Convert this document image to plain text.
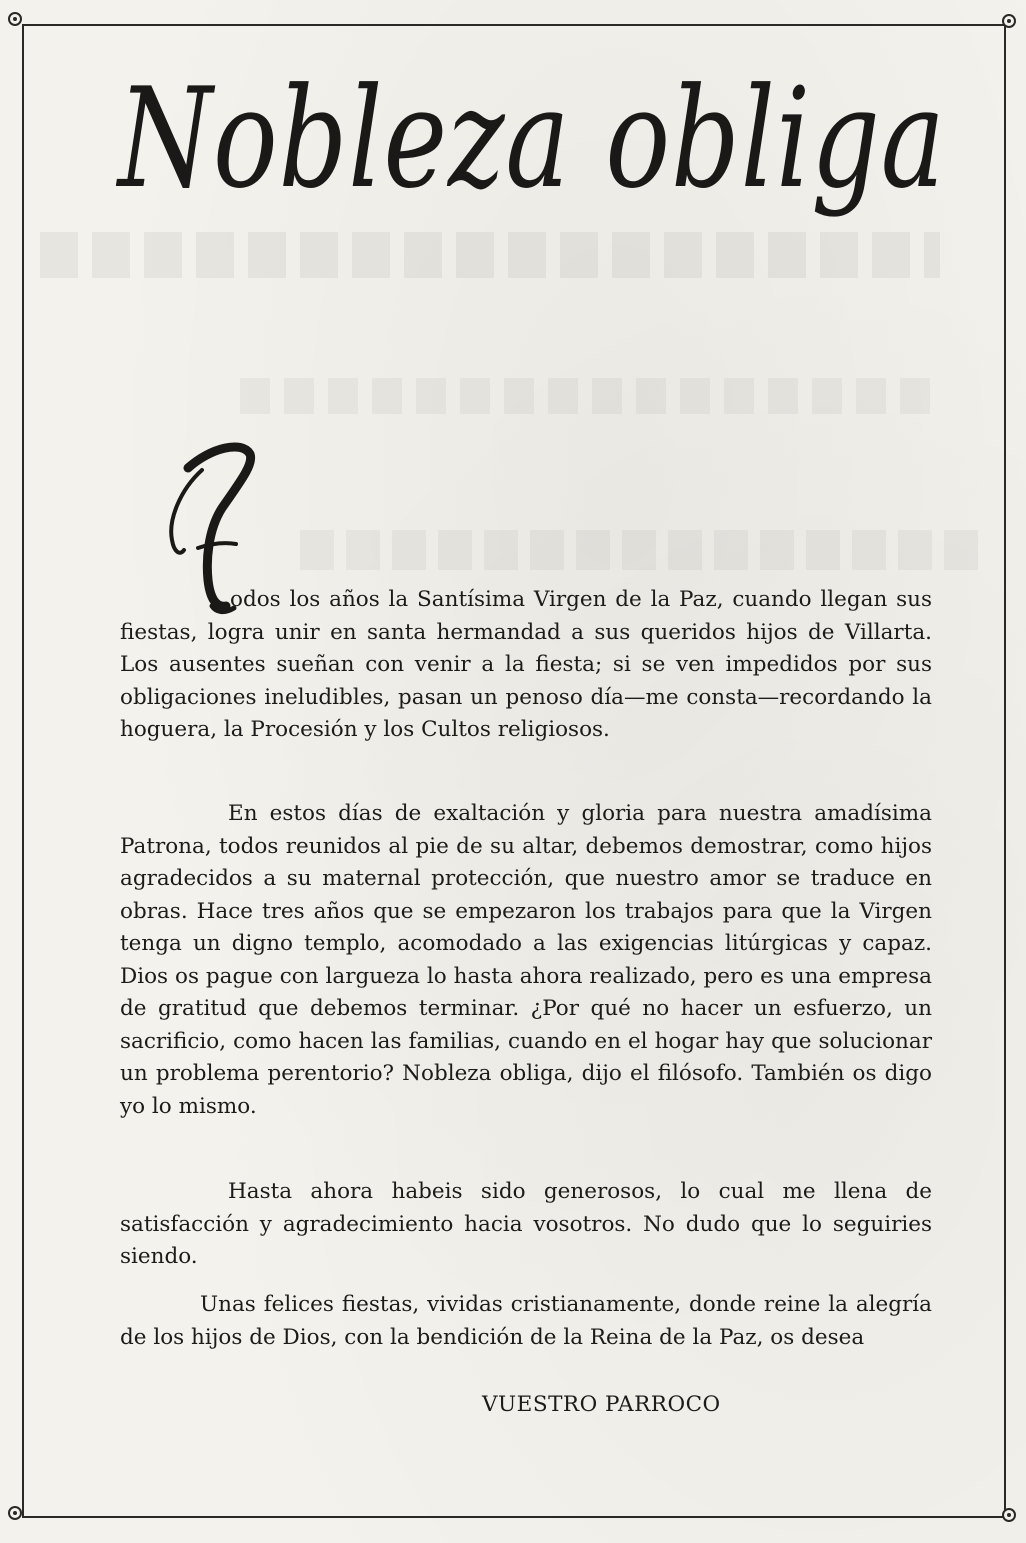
Nobleza obliga
odos los años la Santísima Virgen de la Paz, cuando llegan sus fiestas, logra unir en santa hermandad a sus queridos hijos de Villarta. Los ausentes sueñan con venir a la fiesta; si se ven impedidos por sus obligaciones ineludibles, pasan un penoso día—me consta—recordando la hoguera, la Procesión y los Cultos religiosos.
En estos días de exaltación y gloria para nuestra amadísima Patrona, todos reunidos al pie de su altar, debemos demostrar, como hijos agradecidos a su maternal protección, que nuestro amor se traduce en obras. Hace tres años que se empezaron los trabajos para que la Virgen tenga un digno templo, acomodado a las exigencias litúrgicas y capaz. Dios os pague con largueza lo hasta ahora realizado, pero es una empresa de gratitud que debemos terminar. ¿Por qué no hacer un esfuerzo, un sacrificio, como hacen las familias, cuando en el hogar hay que solucionar un problema perentorio? Nobleza obliga, dijo el filósofo. También os digo yo lo mismo.
Hasta ahora habeis sido generosos, lo cual me llena de satisfacción y agradecimiento hacia vosotros. No dudo que lo seguiries siendo.
Unas felices fiestas, vividas cristianamente, donde reine la alegría de los hijos de Dios, con la bendición de la Reina de la Paz, os desea
VUESTRO PARROCO
